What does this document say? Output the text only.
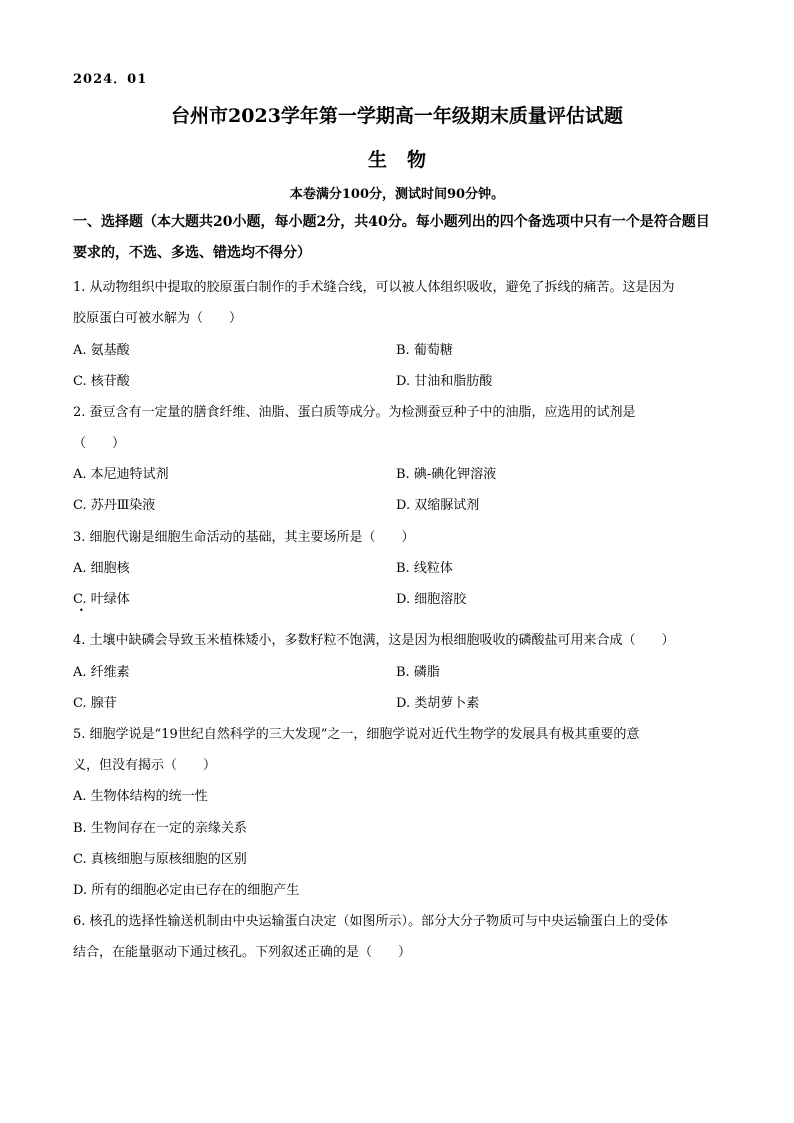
2024．01
台州市2023学年第一学期高一年级期末质量评估试题
生物
本卷满分100分，测试时间90分钟。
一、选择题（本大题共20小题，每小题2分，共40分。每小题列出的四个备选项中只有一个是符合题目要求的，不选、多选、错选均不得分）
1. 从动物组织中提取的胶原蛋白制作的手术缝合线，可以被人体组织吸收，避免了拆线的痛苦。这是因为
胶原蛋白可被水解为（　　）
A. 氨基酸	B. 葡萄糖
C. 核苷酸	D. 甘油和脂肪酸
2. 蚕豆含有一定量的膳食纤维、油脂、蛋白质等成分。为检测蚕豆种子中的油脂，应选用的试剂是
（　　）
A. 本尼迪特试剂	B. 碘-碘化钾溶液
C. 苏丹Ⅲ染液	D. 双缩脲试剂
3. 细胞代谢是细胞生命活动的基础，其主要场所是（　　）
A. 细胞核	B. 线粒体
C. 叶绿体	D. 细胞溶胶
•
4. 土壤中缺磷会导致玉米植株矮小，多数籽粒不饱满，这是因为根细胞吸收的磷酸盐可用来合成（　　）
A. 纤维素	B. 磷脂
C. 腺苷	D. 类胡萝卜素
5. 细胞学说是“19世纪自然科学的三大发现”之一，细胞学说对近代生物学的发展具有极其重要的意
义，但没有揭示（　　）
A. 生物体结构的统一性
B. 生物间存在一定的亲缘关系
C. 真核细胞与原核细胞的区别
D. 所有的细胞必定由已存在的细胞产生
6. 核孔的选择性输送机制由中央运输蛋白决定（如图所示）。部分大分子物质可与中央运输蛋白上的受体
结合，在能量驱动下通过核孔。下列叙述正确的是（　　）
